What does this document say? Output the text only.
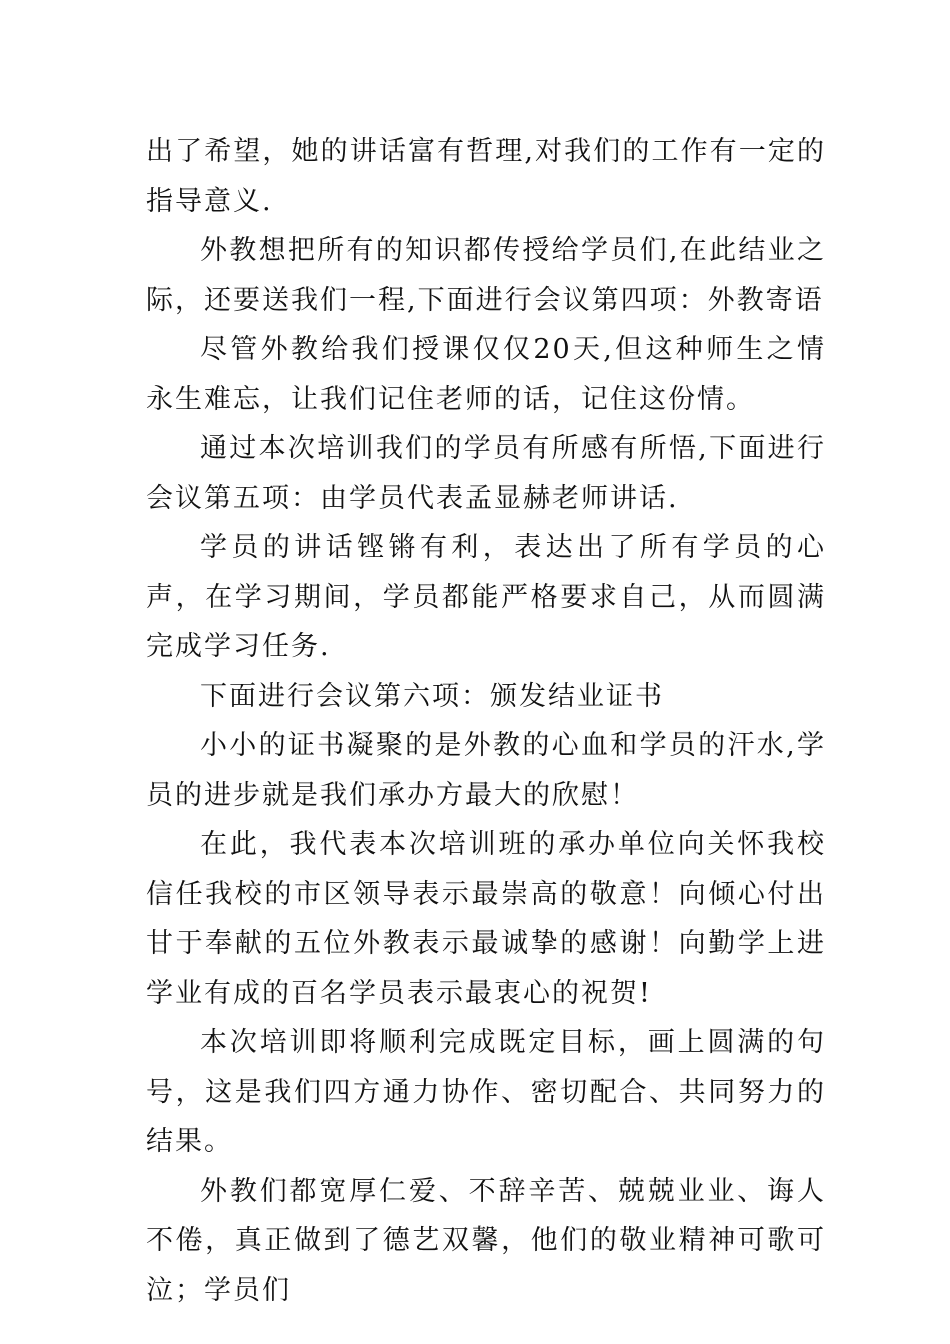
出了希望，她的讲话富有哲理,对我们的工作有一定的指导意义.

外教想把所有的知识都传授给学员们,在此结业之际，还要送我们一程,下面进行会议第四项：外教寄语

尽管外教给我们授课仅仅20天,但这种师生之情永生难忘，让我们记住老师的话，记住这份情。

通过本次培训我们的学员有所感有所悟,下面进行会议第五项：由学员代表孟显赫老师讲话.

学员的讲话铿锵有利，表达出了所有学员的心声，在学习期间，学员都能严格要求自己，从而圆满完成学习任务.

下面进行会议第六项：颁发结业证书

小小的证书凝聚的是外教的心血和学员的汗水,学员的进步就是我们承办方最大的欣慰！

在此，我代表本次培训班的承办单位向关怀我校信任我校的市区领导表示最崇高的敬意！向倾心付出甘于奉献的五位外教表示最诚挚的感谢！向勤学上进学业有成的百名学员表示最衷心的祝贺!

本次培训即将顺利完成既定目标，画上圆满的句号，这是我们四方通力协作、密切配合、共同努力的结果。

外教们都宽厚仁爱、不辞辛苦、兢兢业业、诲人不倦，真正做到了德艺双馨，他们的敬业精神可歌可泣；学员们
